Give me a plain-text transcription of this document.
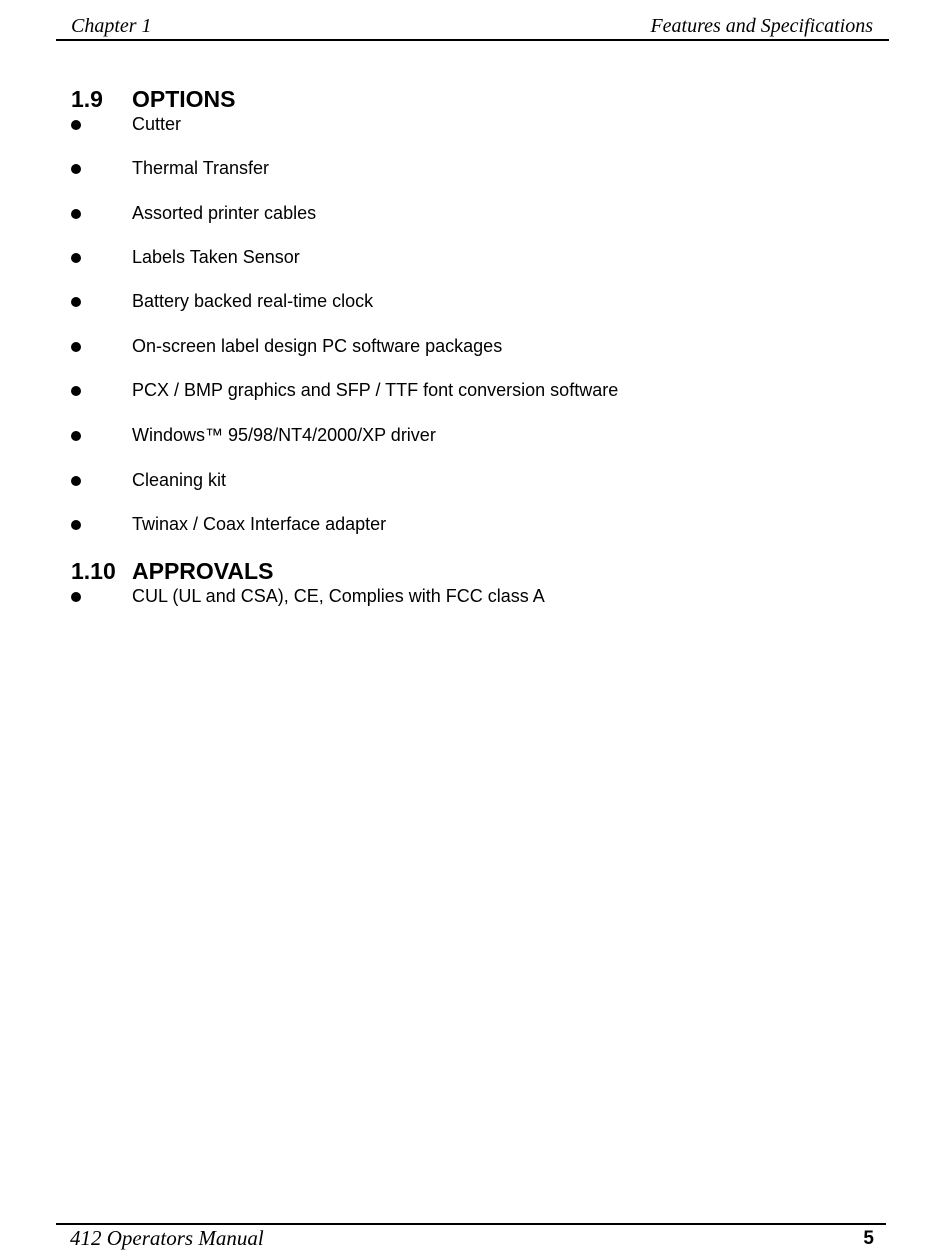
Chapter 1	Features and Specifications
1.9 OPTIONS
Cutter
Thermal Transfer
Assorted printer cables
Labels Taken Sensor
Battery backed real-time clock
On-screen label design PC software packages
PCX / BMP graphics and SFP / TTF font conversion software
Windows™ 95/98/NT4/2000/XP driver
Cleaning kit
Twinax / Coax Interface adapter
1.10 APPROVALS
CUL (UL and CSA), CE, Complies with FCC class A
412 Operators Manual	5
